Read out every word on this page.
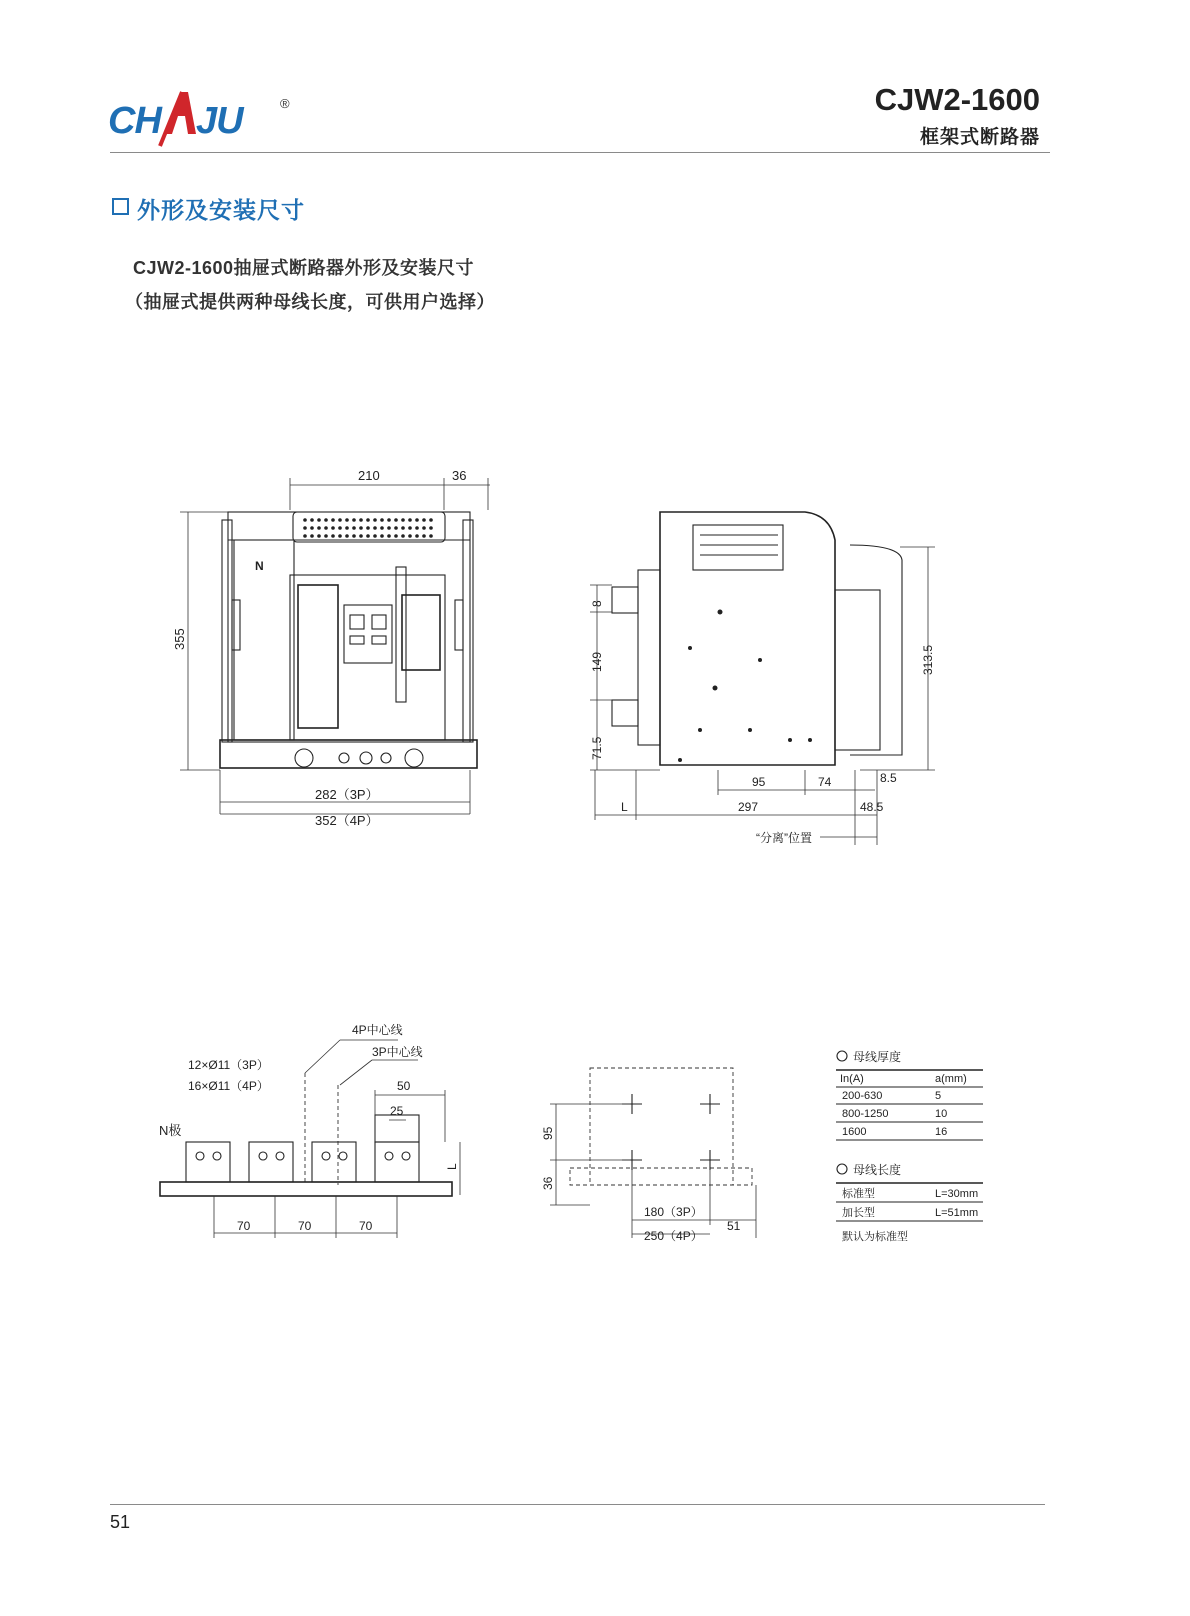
CH JU	®	CJW2-1600
框架式断路器
外形及安装尺寸
CJW2-1600抽屉式断路器外形及安装尺寸
（抽屉式提供两种母线长度，可供用户选择）
210	36
355
N
282（3P）
352（4P）
8
149
71.5
313.5
95	74	8.5
L	297	48.5
“分离”位置
4P中心线
3P中心线
12×Ø11（3P）
16×Ø11（4P）
N极
50
25
L
70	70	70
95
36
180（3P）
250（4P）
51
母线厚度
In(A)	a(mm)
200-630	5
800-1250	10
1600	16
母线长度
标准型	L=30mm
加长型	L=51mm
默认为标准型
51
